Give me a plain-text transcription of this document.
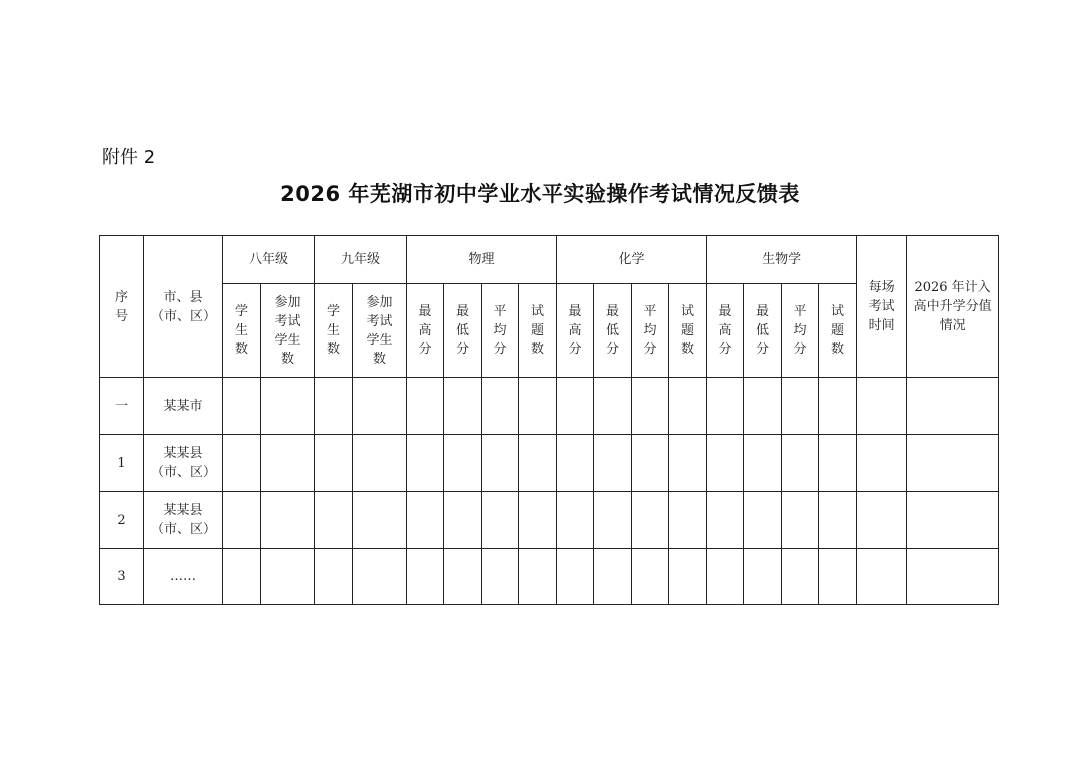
附件 2
2026 年芜湖市初中学业水平实验操作考试情况反馈表
序号	市、县（市、区）	八年级		九年级		物理				化学				生物学				每场考试时间	2026 年计入高中升学分值情况
		学生数	参加考试学生数	学生数	参加考试学生数	最高分	最低分	平均分	试题数	最高分	最低分	平均分	试题数	最高分	最低分	平均分	试题数		
一	某某市																		
1	某某县（市、区）																		
2	某某县（市、区）																		
3	……																		
